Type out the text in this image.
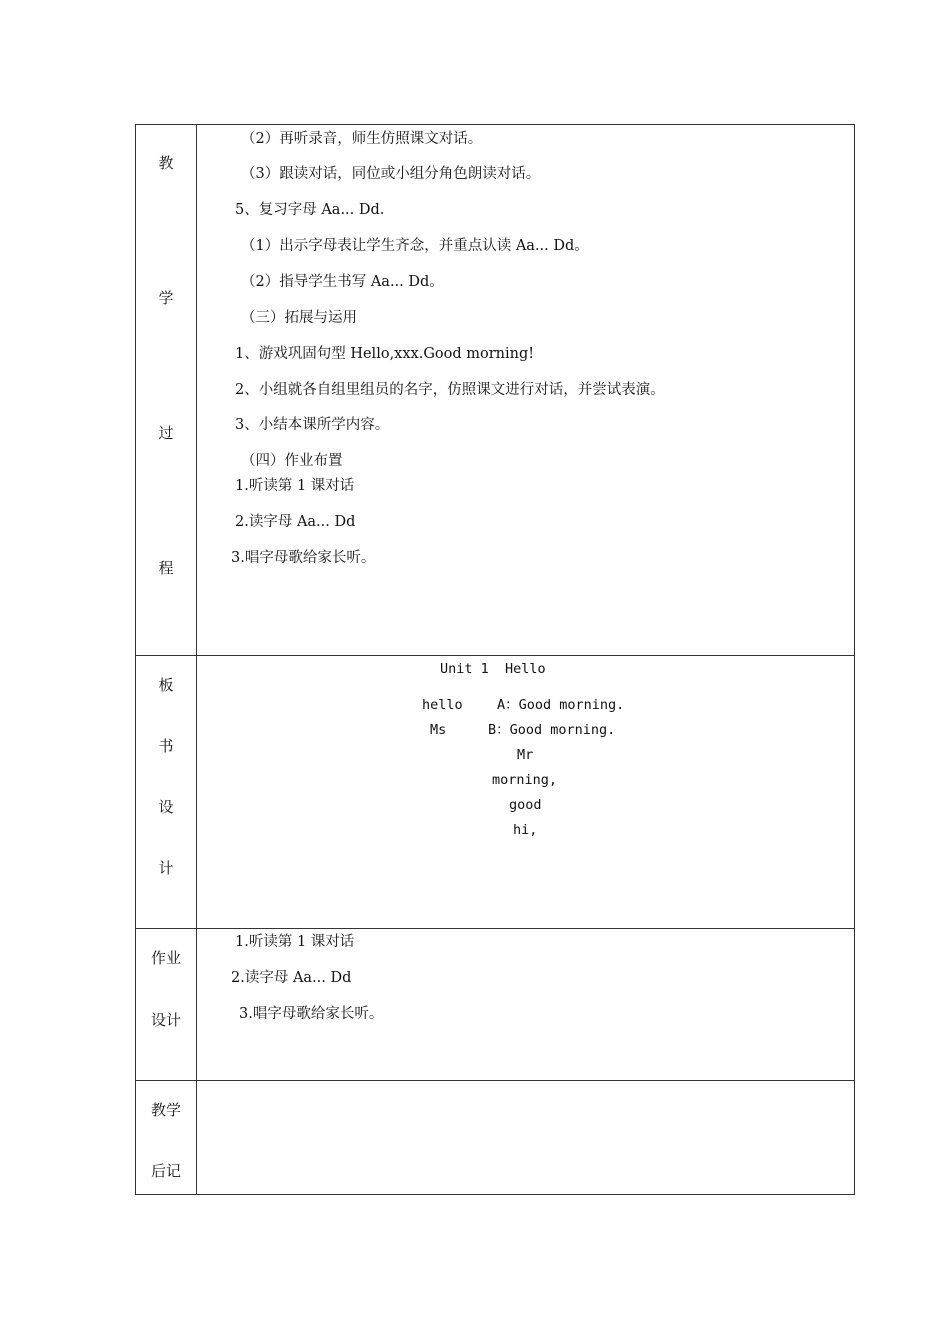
教
学
过
程
（2）再听录音，师生仿照课文对话。
（3）跟读对话，同位或小组分角色朗读对话。
5、复习字母 Aa... Dd.
（1）出示字母表让学生齐念，并重点认读 Aa... Dd。
（2）指导学生书写 Aa... Dd。
（三）拓展与运用
1、游戏巩固句型 Hello,xxx.Good morning!
2、小组就各自组里组员的名字，仿照课文进行对话，并尝试表演。
3、小结本课所学内容。
（四）作业布置
1.听读第 1 课对话
2.读字母 Aa... Dd
3.唱字母歌给家长听。
板
书
设
计
Unit 1  Hello
hello	A：Good morning.
Ms	B：Good morning.
Mr
morning,
good
hi,
作业
设计
1.听读第 1 课对话
2.读字母 Aa... Dd
3.唱字母歌给家长听。
教学
后记
